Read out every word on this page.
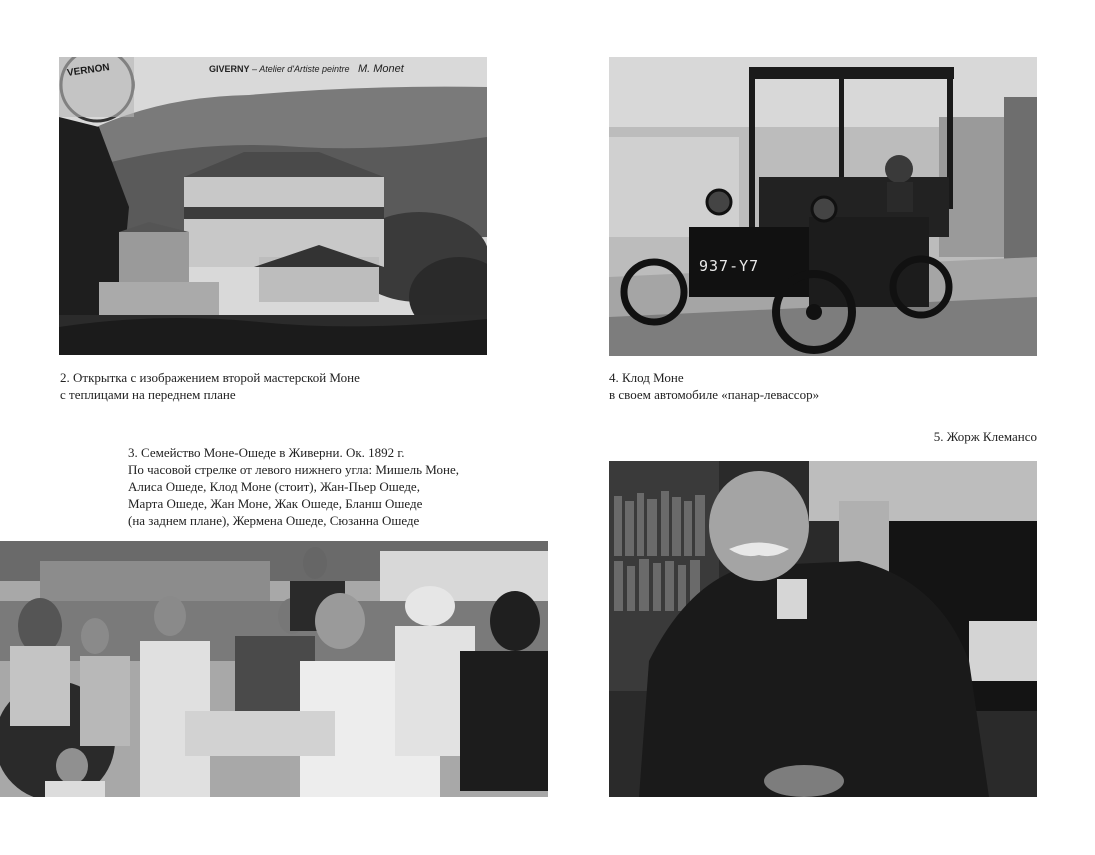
GIVERNY – Atelier d'Artiste peintre M. Monet
VERNON
937-Y7
2. Открытка с изображением второй мастерской Моне
с теплицами на переднем плане
4. Клод Моне
в своем автомобиле «панар-левассор»
3. Семейство Моне-Ошеде в Живерни. Ок. 1892 г.
По часовой стрелке от левого нижнего угла: Мишель Моне,
Алиса Ошеде, Клод Моне (стоит), Жан-Пьер Ошеде,
Марта Ошеде, Жан Моне, Жак Ошеде, Бланш Ошеде
(на заднем плане), Жермена Ошеде, Сюзанна Ошеде
5. Жорж Клемансо
